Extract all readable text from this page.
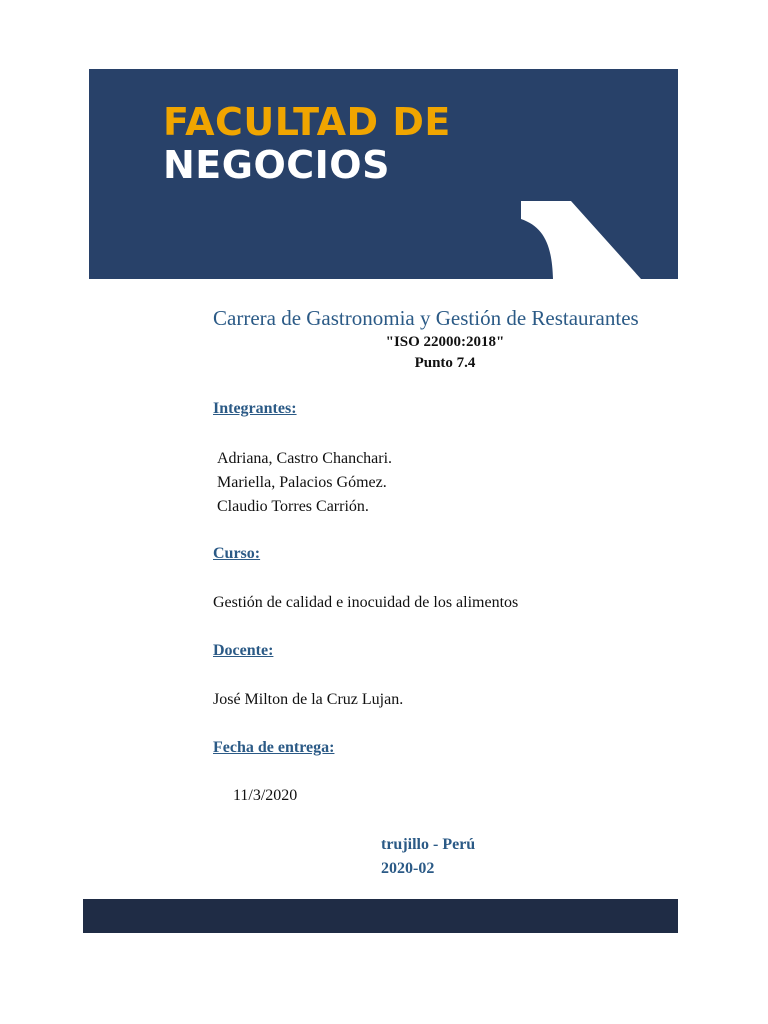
FACULTAD DE
NEGOCIOS
Carrera de Gastronomia y Gestión de Restaurantes
"ISO 22000:2018"
Punto 7.4
Integrantes:
Adriana, Castro Chanchari.
Mariella, Palacios Gómez.
Claudio Torres Carrión.
Curso:
Gestión de calidad e inocuidad de los alimentos
Docente:
José Milton de la Cruz Lujan.
Fecha de entrega:
11/3/2020
trujillo - Perú
2020-02
